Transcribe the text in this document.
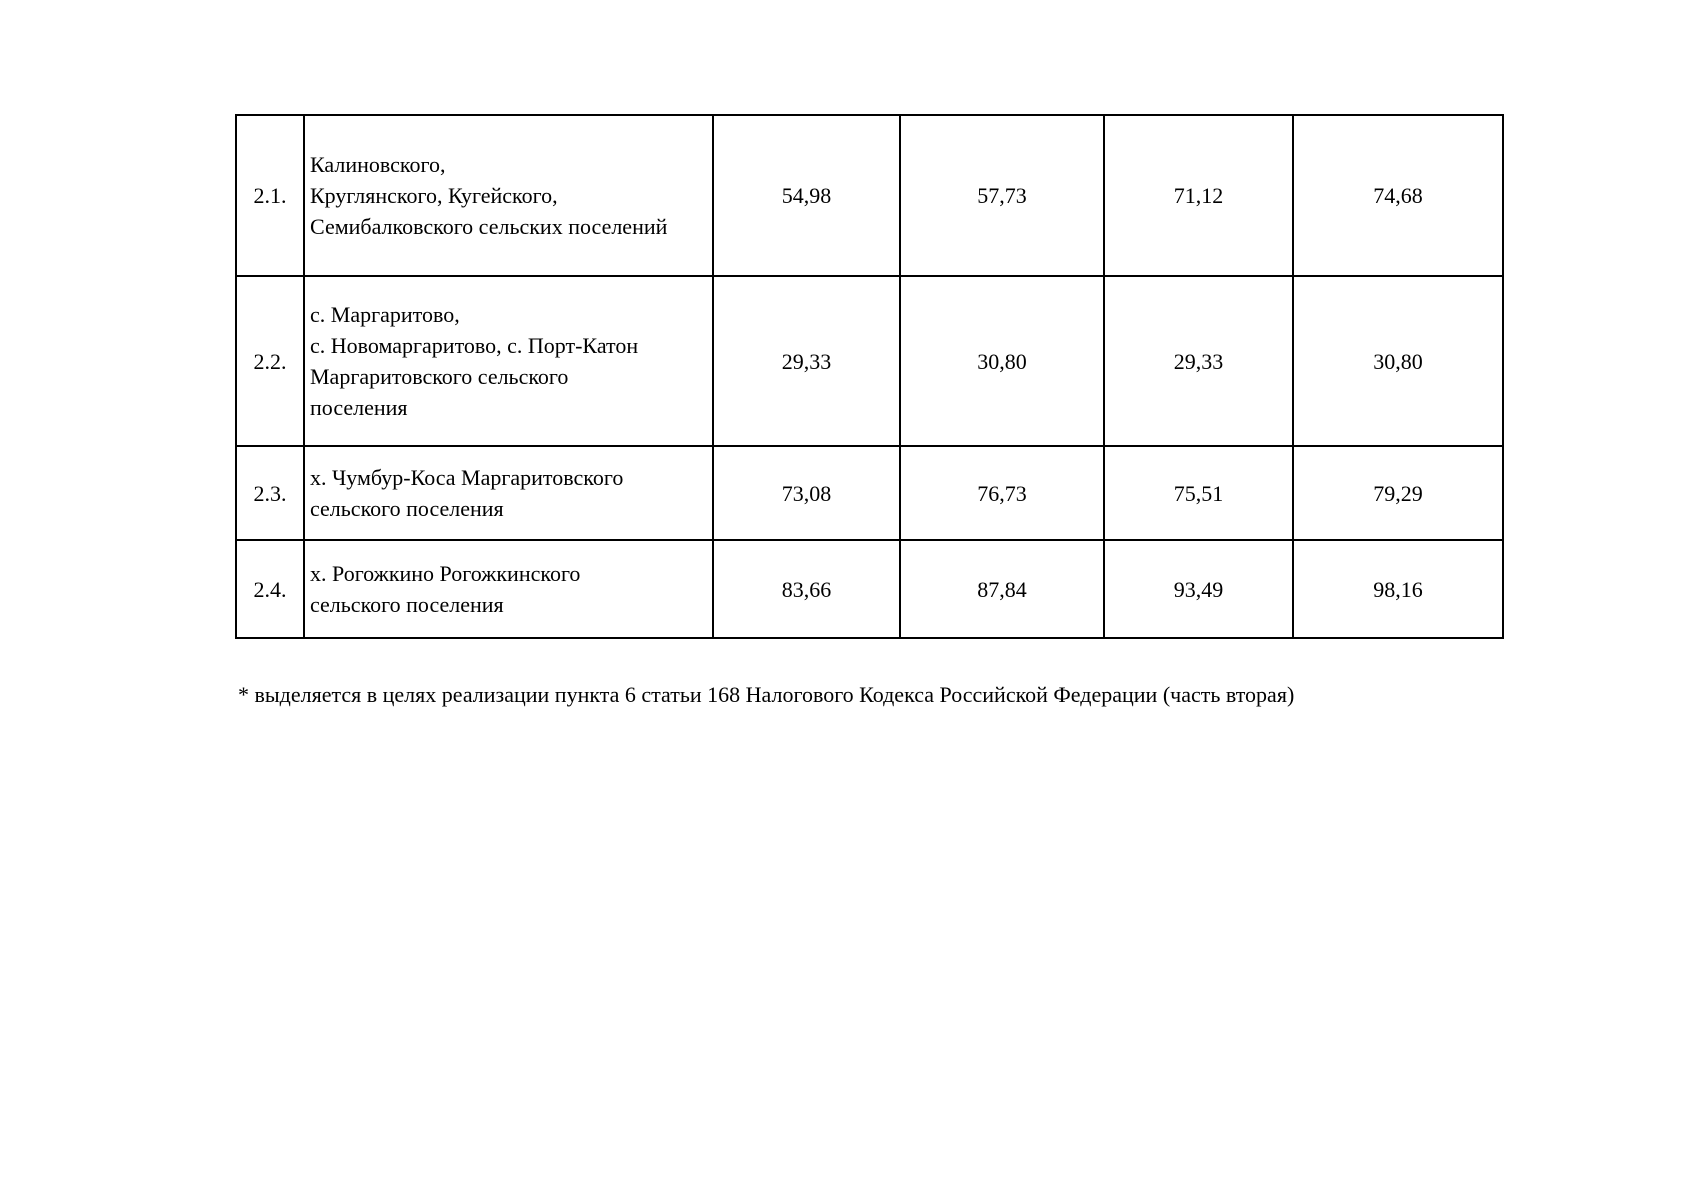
2.1.	Калиновского,
Круглянского, Кугейского,
Семибалковского сельских поселений	54,98	57,73	71,12	74,68
2.2.	с. Маргаритово,
с. Новомаргаритово, с. Порт-Катон
Маргаритовского сельского
поселения	29,33	30,80	29,33	30,80
2.3.	х. Чумбур-Коса Маргаритовского
сельского поселения	73,08	76,73	75,51	79,29
2.4.	х. Рогожкино Рогожкинского
сельского поселения	83,66	87,84	93,49	98,16
* выделяется в целях реализации пункта 6 статьи 168 Налогового Кодекса Российской Федерации (часть вторая)
